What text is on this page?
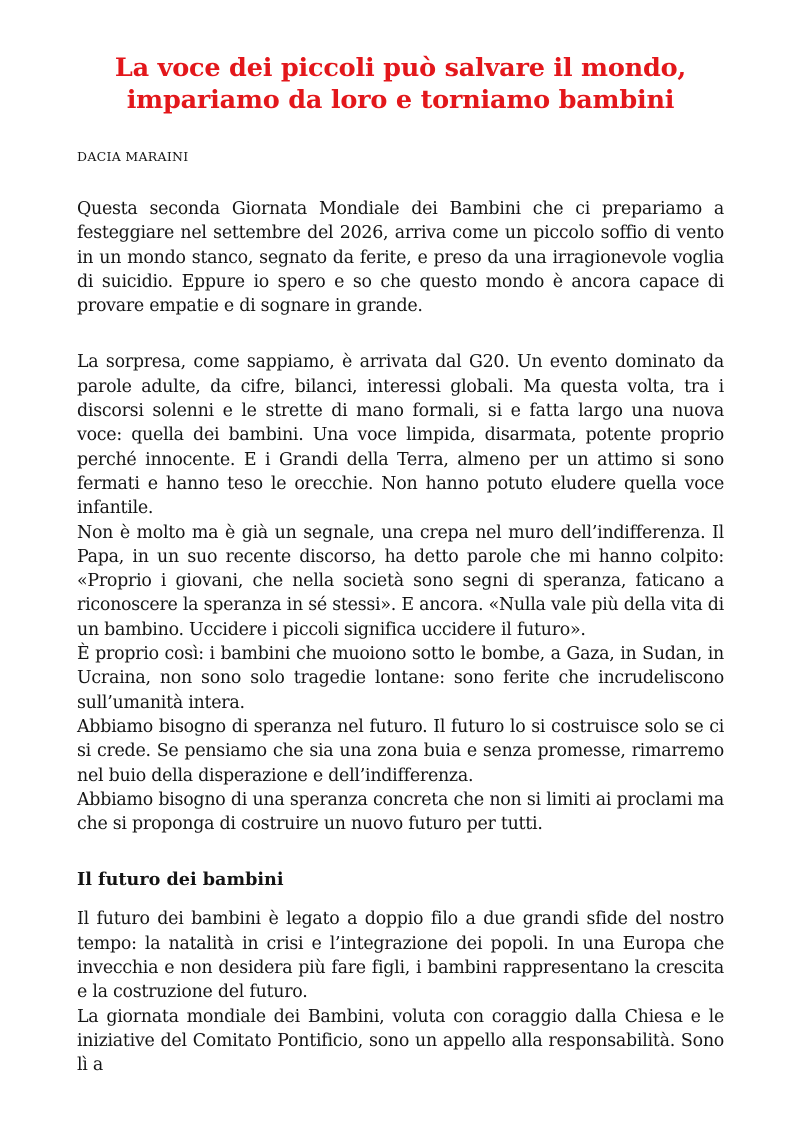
La voce dei piccoli può salvare il mondo, impariamo da loro e torniamo bambini

DACIA MARAINI

Questa seconda Giornata Mondiale dei Bambini che ci prepariamo a festeggiare nel settembre del 2026, arriva come un piccolo soffio di vento in un mondo stanco, segnato da ferite, e preso da una irragionevole voglia di suicidio. Eppure io spero e so che questo mondo è ancora capace di provare empatie e di sognare in grande.

La sorpresa, come sappiamo, è arrivata dal G20. Un evento dominato da parole adulte, da cifre, bilanci, interessi globali. Ma questa volta, tra i discorsi solenni e le strette di mano formali, si e fatta largo una nuova voce: quella dei bambini. Una voce limpida, disarmata, potente proprio perché innocente. E i Grandi della Terra, almeno per un attimo si sono fermati e hanno teso le orecchie. Non hanno potuto eludere quella voce infantile.

Non è molto ma è già un segnale, una crepa nel muro dell’indifferenza. Il Papa, in un suo recente discorso, ha detto parole che mi hanno colpito: «Proprio i giovani, che nella società sono segni di speranza, faticano a riconoscere la speranza in sé stessi». E ancora. «Nulla vale più della vita di un bambino. Uccidere i piccoli significa uccidere il futuro».

È proprio così: i bambini che muoiono sotto le bombe, a Gaza, in Sudan, in Ucraina, non sono solo tragedie lontane: sono ferite che incrudeliscono sull’umanità intera.

Abbiamo bisogno di speranza nel futuro. Il futuro lo si costruisce solo se ci si crede. Se pensiamo che sia una zona buia e senza promesse, rimarremo nel buio della disperazione e dell’indifferenza.

Abbiamo bisogno di una speranza concreta che non si limiti ai proclami ma che si proponga di costruire un nuovo futuro per tutti.

Il futuro dei bambini

Il futuro dei bambini è legato a doppio filo a due grandi sfide del nostro tempo: la natalità in crisi e l’integrazione dei popoli. In una Europa che invecchia e non desidera più fare figli, i bambini rappresentano la crescita e la costruzione del futuro.

La giornata mondiale dei Bambini, voluta con coraggio dalla Chiesa e le iniziative del Comitato Pontificio, sono un appello alla responsabilità. Sono lì a
